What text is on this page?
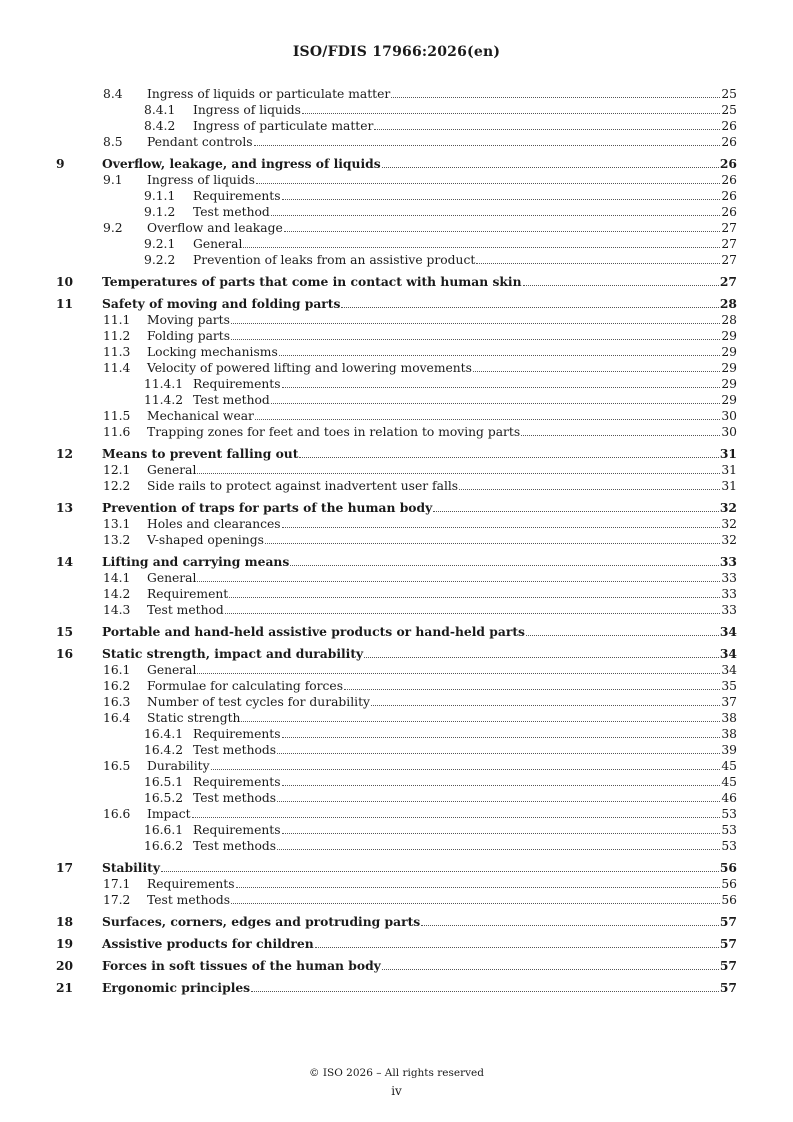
ISO/FDIS 17966:2026(en)
8.4 Ingress of liquids or particulate matter	25
8.4.1 Ingress of liquids	25
8.4.2 Ingress of particulate matter	26
8.5 Pendant controls	26
9	Overflow, leakage, and ingress of liquids	26
9.1 Ingress of liquids	26
9.1.1 Requirements	26
9.1.2 Test method	26
9.2 Overflow and leakage	27
9.2.1 General	27
9.2.2 Prevention of leaks from an assistive product	27
10 Temperatures of parts that come in contact with human skin	27
11 Safety of moving and folding parts	28
11.1 Moving parts	28
11.2 Folding parts	29
11.3 Locking mechanisms	29
11.4 Velocity of powered lifting and lowering movements	29
11.4.1 Requirements	29
11.4.2 Test method	29
11.5 Mechanical wear	30
11.6 Trapping zones for feet and toes in relation to moving parts	30
12 Means to prevent falling out	31
12.1 General	31
12.2 Side rails to protect against inadvertent user falls	31
13 Prevention of traps for parts of the human body	32
13.1 Holes and clearances	32
13.2 V-shaped openings	32
14 Lifting and carrying means	33
14.1 General	33
14.2 Requirement	33
14.3 Test method	33
15 Portable and hand-held assistive products or hand-held parts	34
16 Static strength, impact and durability	34
16.1 General	34
16.2 Formulae for calculating forces	35
16.3 Number of test cycles for durability	37
16.4 Static strength	38
16.4.1 Requirements	38
16.4.2 Test methods	39
16.5 Durability	45
16.5.1 Requirements	45
16.5.2 Test methods	46
16.6 Impact	53
16.6.1 Requirements	53
16.6.2 Test methods	53
17 Stability	56
17.1 Requirements	56
17.2 Test methods	56
18 Surfaces, corners, edges and protruding parts	57
19 Assistive products for children	57
20 Forces in soft tissues of the human body	57
21 Ergonomic principles	57
© ISO 2026 – All rights reserved
iv
